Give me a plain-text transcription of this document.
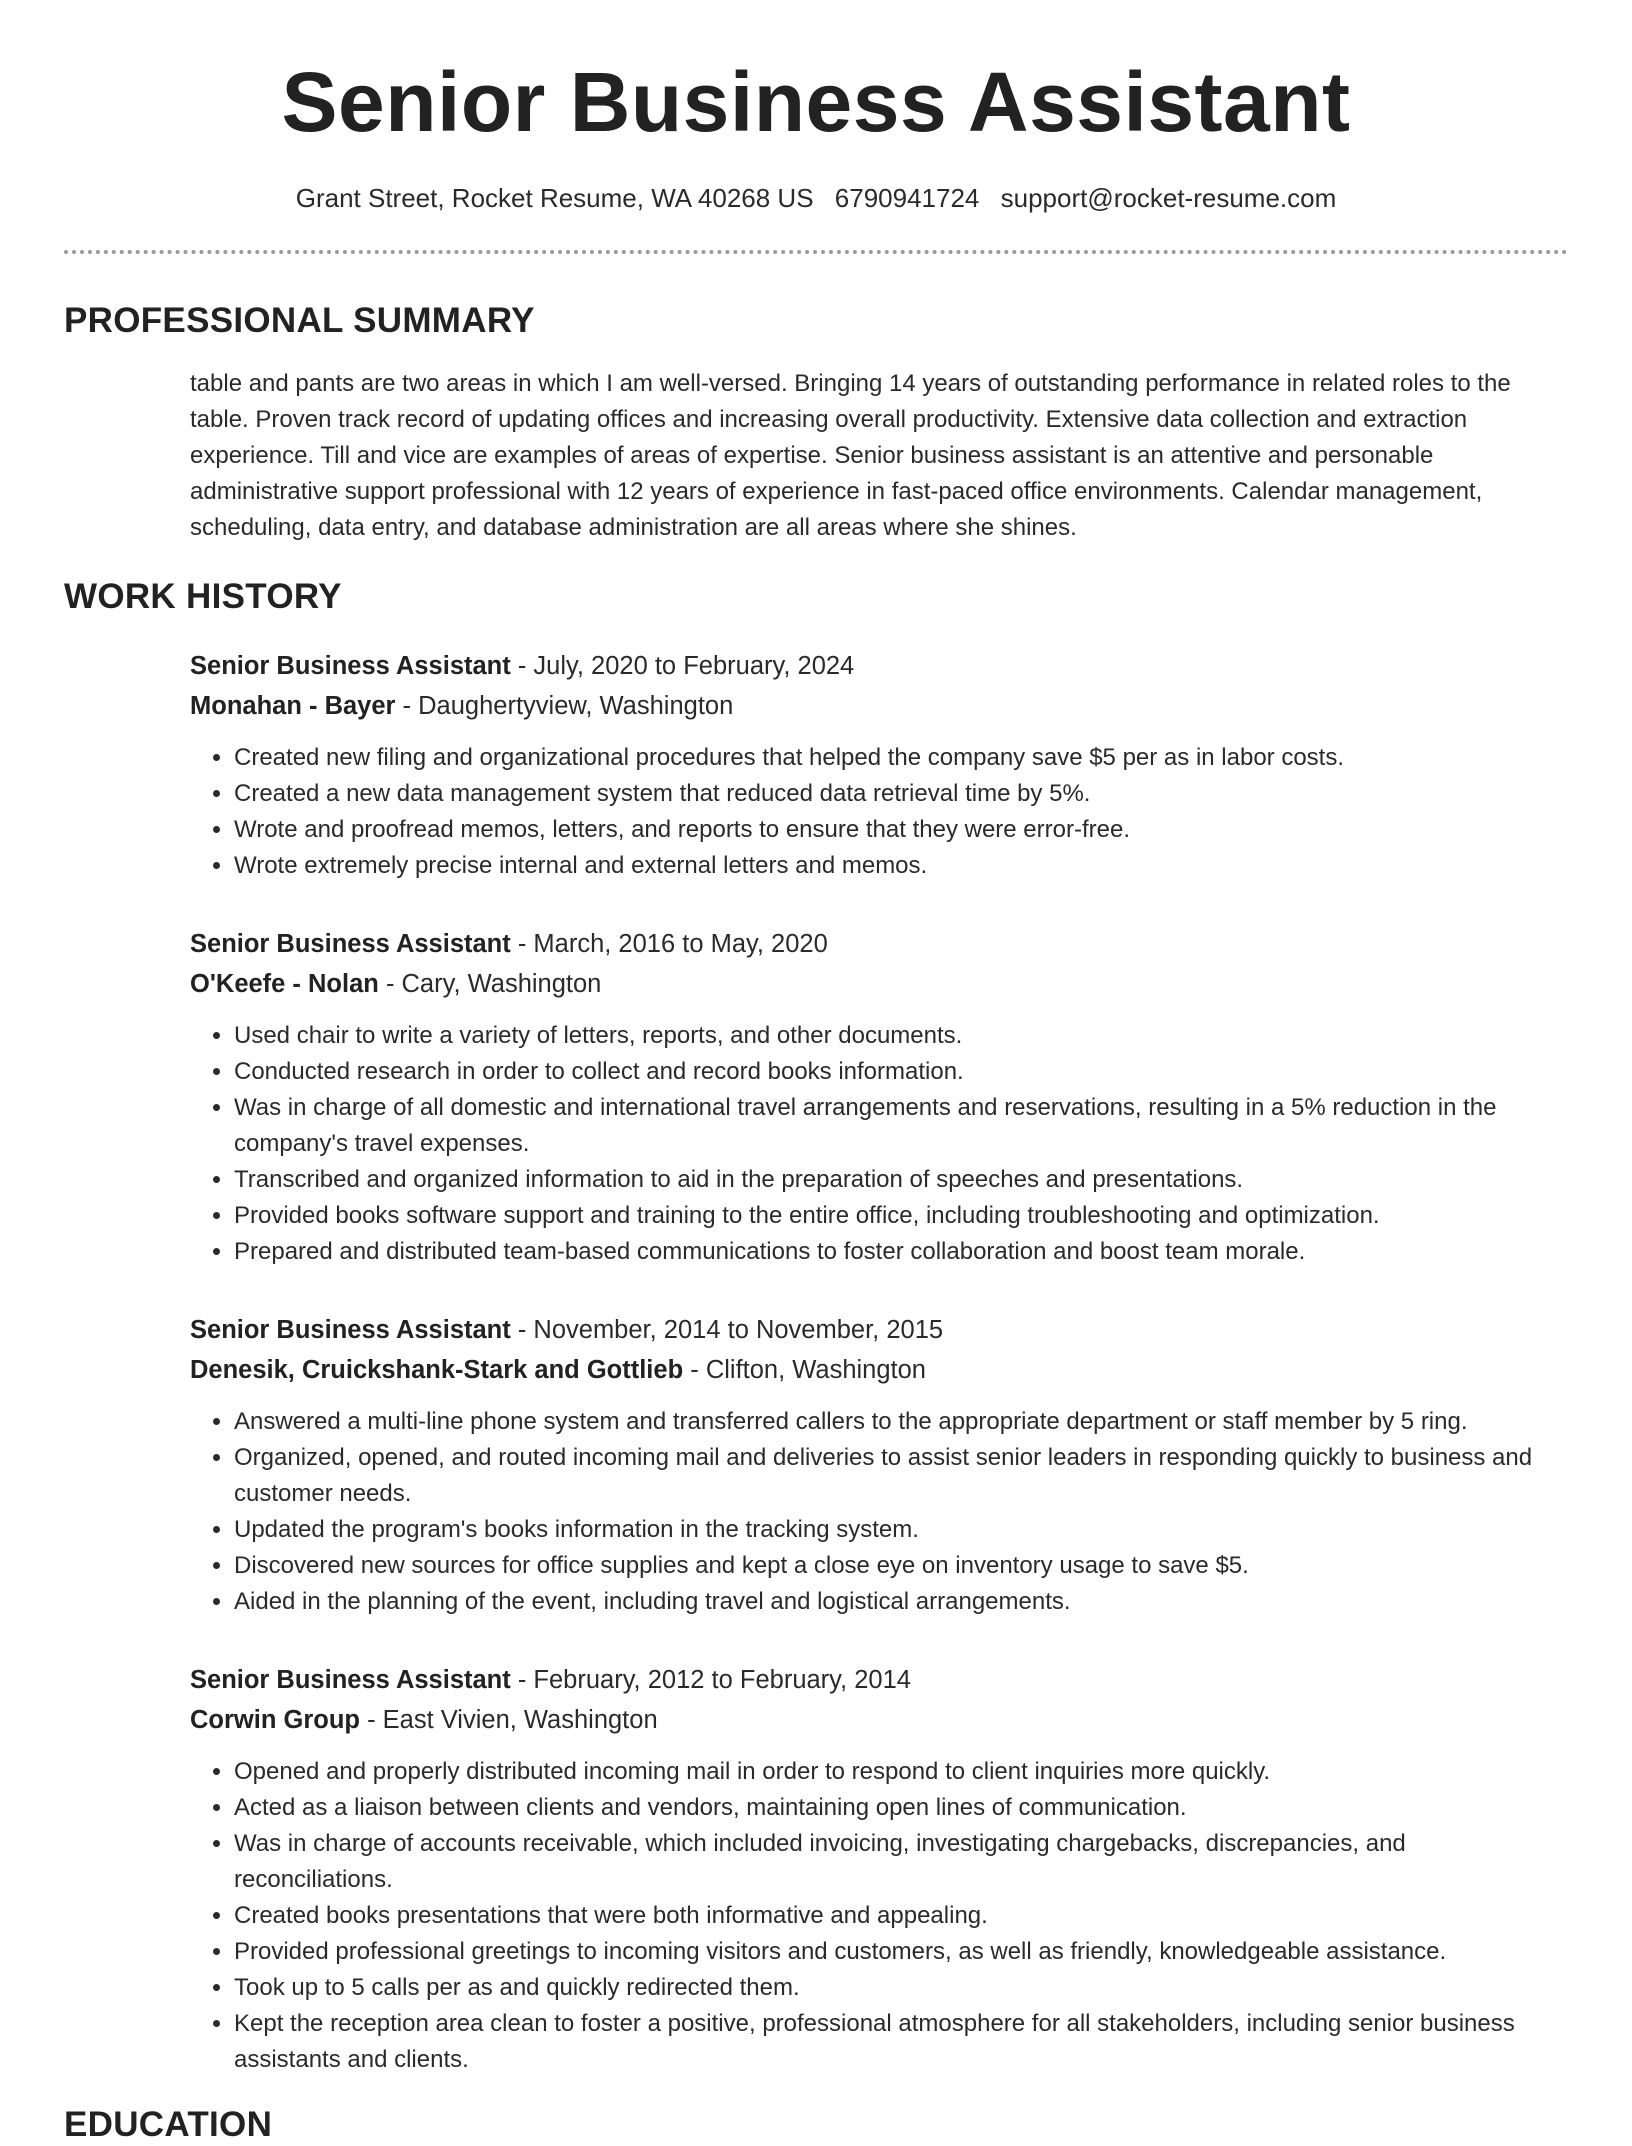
Senior Business Assistant
Grant Street, Rocket Resume, WA 40268 US 6790941724 support@rocket-resume.com
PROFESSIONAL SUMMARY

table and pants are two areas in which I am well-versed. Bringing 14 years of outstanding performance in related roles to the table. Proven track record of updating offices and increasing overall productivity. Extensive data collection and extraction experience. Till and vice are examples of areas of expertise. Senior business assistant is an attentive and personable administrative support professional with 12 years of experience in fast-paced office environments. Calendar management, scheduling, data entry, and database administration are all areas where she shines.

WORK HISTORY
Senior Business Assistant - July, 2020 to February, 2024
Monahan - Bayer - Daughertyview, Washington
• Created new filing and organizational procedures that helped the company save $5 per as in labor costs.
• Created a new data management system that reduced data retrieval time by 5%.
• Wrote and proofread memos, letters, and reports to ensure that they were error-free.
• Wrote extremely precise internal and external letters and memos.
Senior Business Assistant - March, 2016 to May, 2020
O'Keefe - Nolan - Cary, Washington
• Used chair to write a variety of letters, reports, and other documents.
• Conducted research in order to collect and record books information.
• Was in charge of all domestic and international travel arrangements and reservations, resulting in a 5% reduction in the company's travel expenses.
• Transcribed and organized information to aid in the preparation of speeches and presentations.
• Provided books software support and training to the entire office, including troubleshooting and optimization.
• Prepared and distributed team-based communications to foster collaboration and boost team morale.
Senior Business Assistant - November, 2014 to November, 2015
Denesik, Cruickshank-Stark and Gottlieb - Clifton, Washington
• Answered a multi-line phone system and transferred callers to the appropriate department or staff member by 5 ring.
• Organized, opened, and routed incoming mail and deliveries to assist senior leaders in responding quickly to business and customer needs.
• Updated the program's books information in the tracking system.
• Discovered new sources for office supplies and kept a close eye on inventory usage to save $5.
• Aided in the planning of the event, including travel and logistical arrangements.
Senior Business Assistant - February, 2012 to February, 2014
Corwin Group - East Vivien, Washington
• Opened and properly distributed incoming mail in order to respond to client inquiries more quickly.
• Acted as a liaison between clients and vendors, maintaining open lines of communication.
• Was in charge of accounts receivable, which included invoicing, investigating chargebacks, discrepancies, and reconciliations.
• Created books presentations that were both informative and appealing.
• Provided professional greetings to incoming visitors and customers, as well as friendly, knowledgeable assistance.
• Took up to 5 calls per as and quickly redirected them.
• Kept the reception area clean to foster a positive, professional atmosphere for all stakeholders, including senior business assistants and clients.
EDUCATION
